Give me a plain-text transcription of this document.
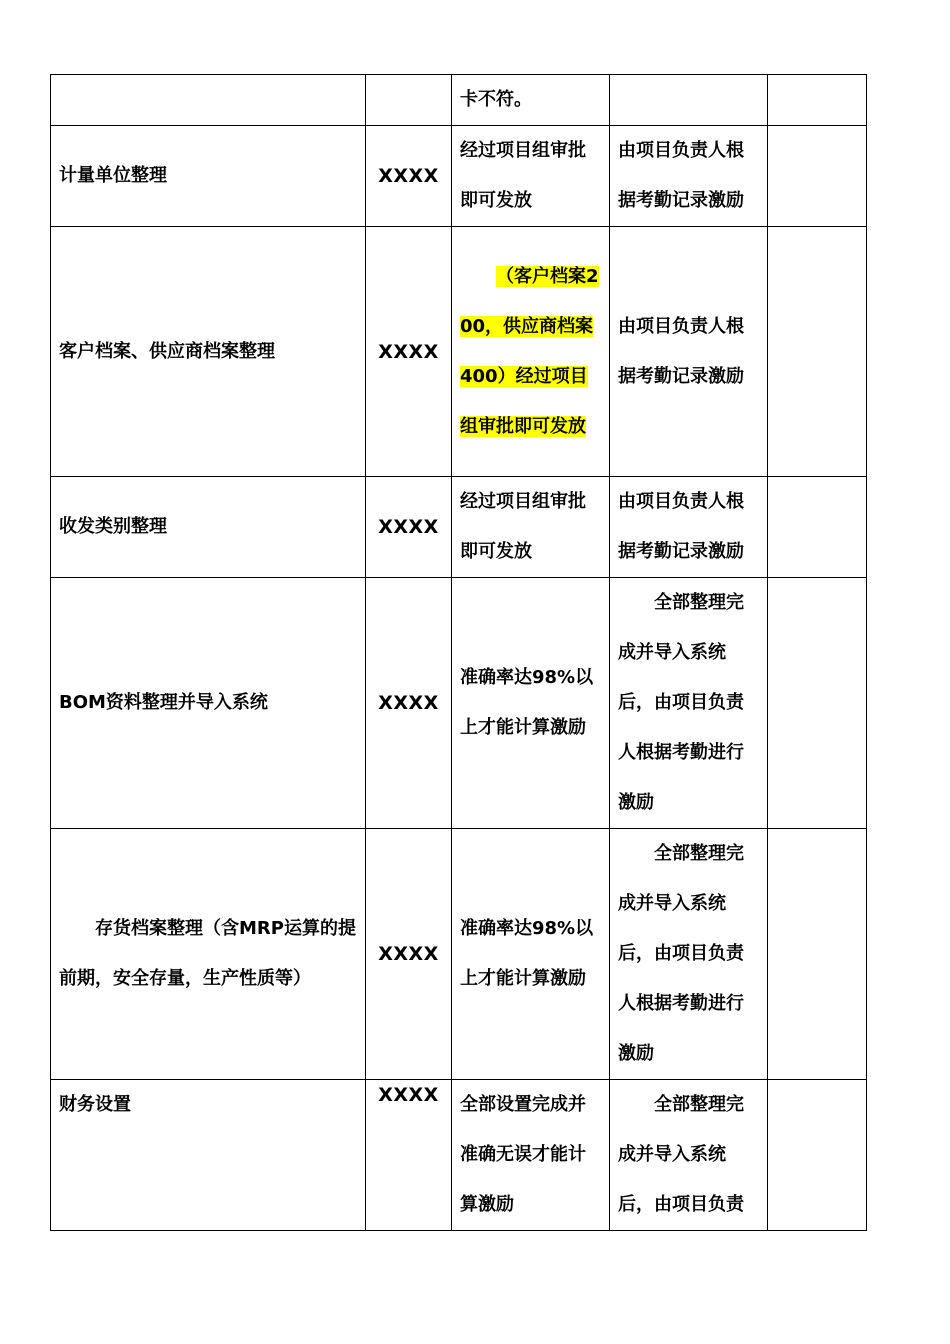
		卡不符。		
计量单位整理	XXXX	经过项目组审批即可发放	由项目负责人根据考勤记录激励	
客户档案、供应商档案整理	XXXX	（客户档案200，供应商档案400）经过项目组审批即可发放	由项目负责人根据考勤记录激励	
收发类别整理	XXXX	经过项目组审批即可发放	由项目负责人根据考勤记录激励	
BOM资料整理并导入系统	XXXX	准确率达98%以上才能计算激励	全部整理完成并导入系统后，由项目负责人根据考勤进行激励	
存货档案整理（含MRP运算的提前期，安全存量，生产性质等）	XXXX	准确率达98%以上才能计算激励	全部整理完成并导入系统后，由项目负责人根据考勤进行激励	
财务设置	XXXX	全部设置完成并准确无误才能计算激励	全部整理完成并导入系统后，由项目负责	
